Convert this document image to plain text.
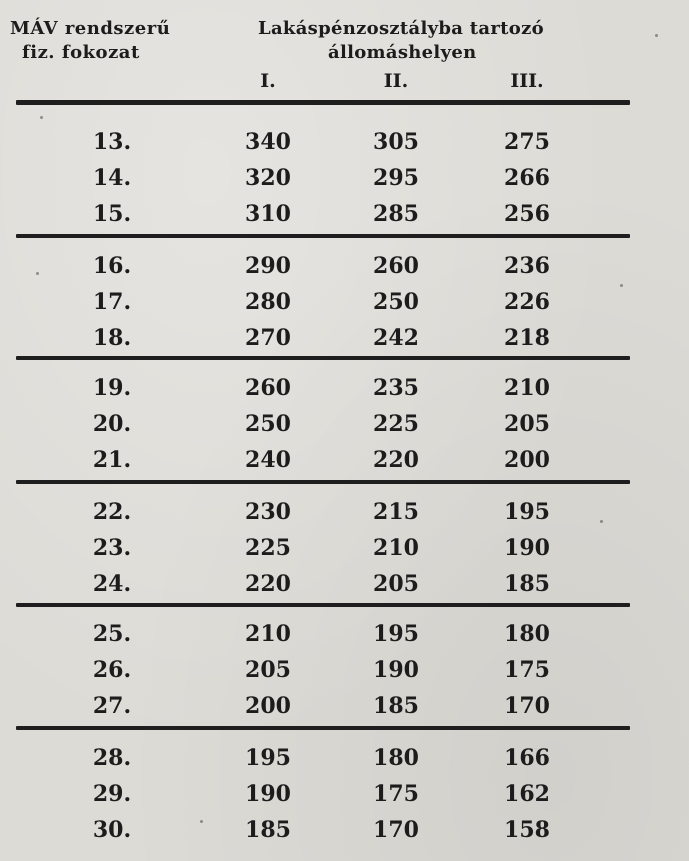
MÁV rendszerű
fiz. fokozat
Lakáspénzosztályba tartozó
állomáshelyen
I.	II.	III.
13.	340	305	275
14.	320	295	266
15.	310	285	256
16.	290	260	236
17.	280	250	226
18.	270	242	218
19.	260	235	210
20.	250	225	205
21.	240	220	200
22.	230	215	195
23.	225	210	190
24.	220	205	185
25.	210	195	180
26.	205	190	175
27.	200	185	170
28.	195	180	166
29.	190	175	162
30.	185	170	158
